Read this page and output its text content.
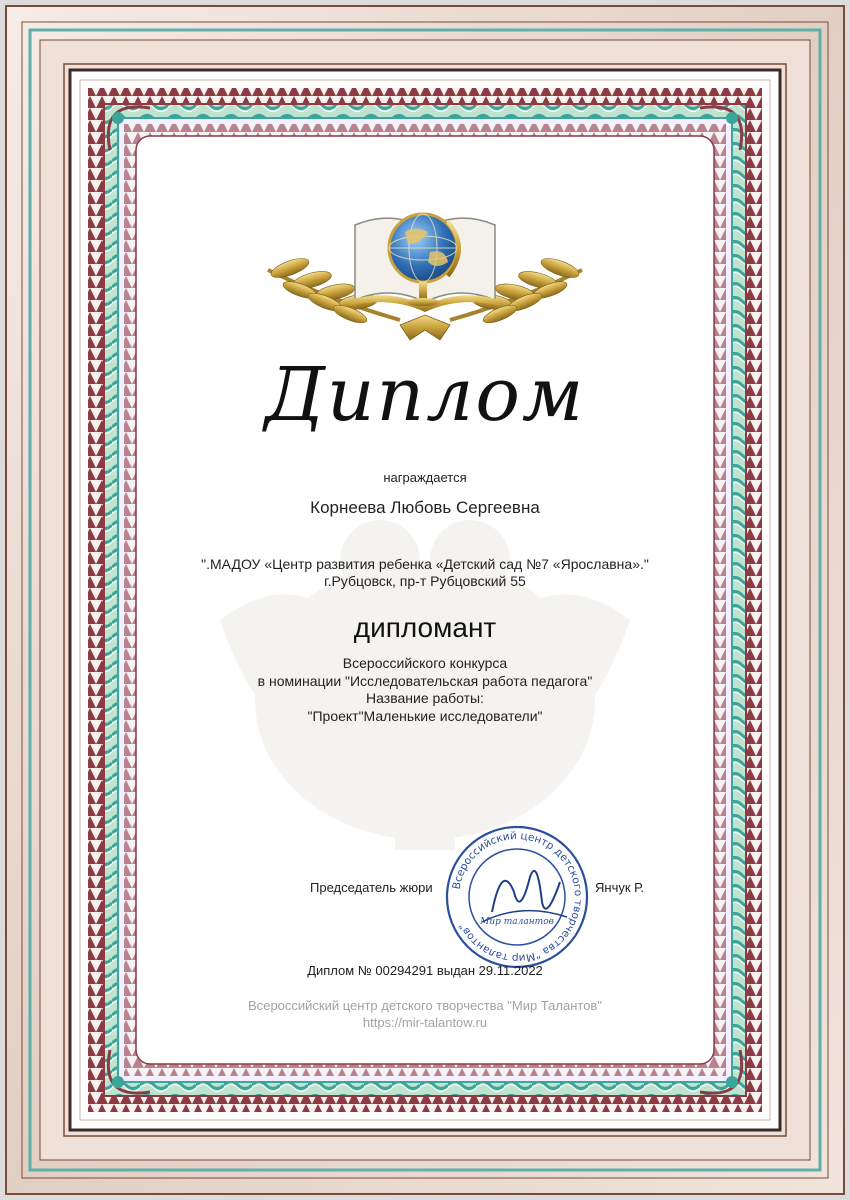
Диплом
награждается
Корнеева Любовь Сергеевна
".МАДОУ «Центр развития ребенка «Детский сад №7 «Ярославна»."
г.Рубцовск, пр-т Рубцовский 55
дипломант
Всероссийского конкурса
в номинации "Исследовательская работа педагога"
Название работы:
"Проект"Маленькие исследователи"
Председатель жюри Всероссийский центр детского творчества "Мир талантов"	Мир талантов
Янчук Р.
Диплом № 00294291 выдан 29.11.2022
Всероссийский центр детского творчества "Мир Талантов"
https://mir-talantow.ru
